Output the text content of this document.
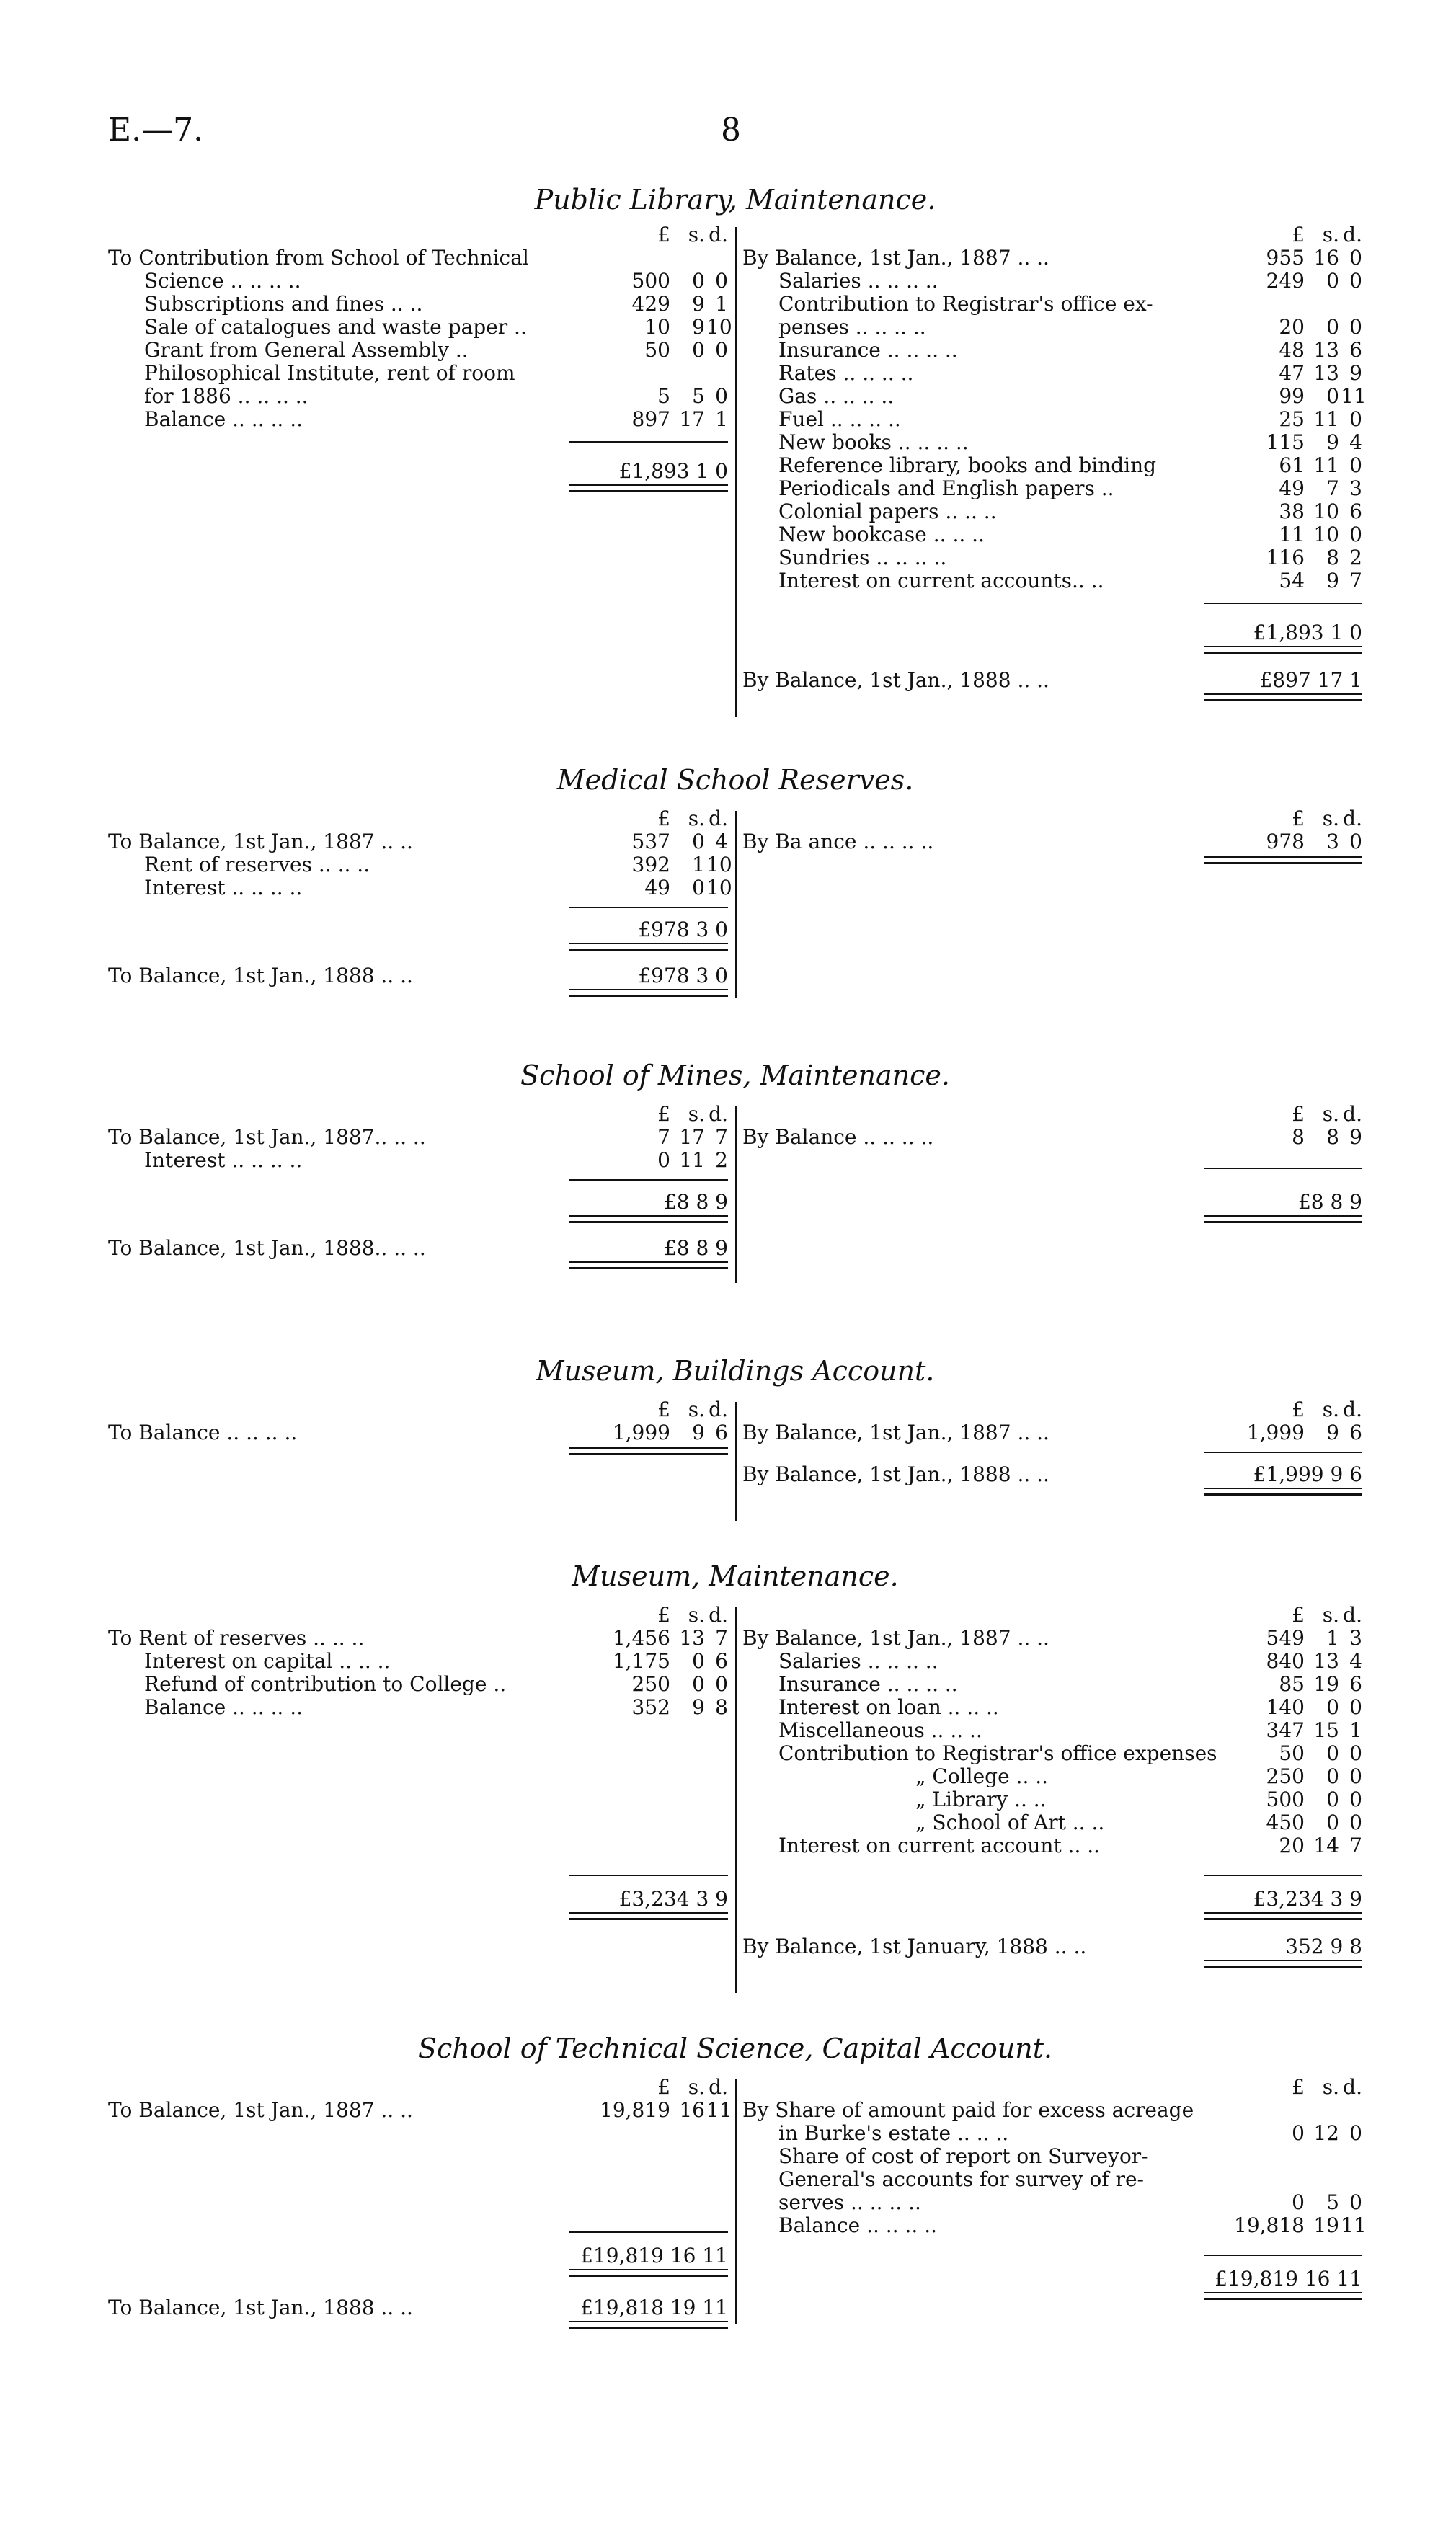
E.—7.	8
Public Library, Maintenance.
£ s. d.
To Contribution from School of Technical
Science .. .. .. ..	500	0 0
Subscriptions and fines .. ..	429	9 1
Sale of catalogues and waste paper ..	10	9 10
Grant from General Assembly ..	50	0 0
Philosophical Institute, rent of room
for 1886 .. .. .. ..	5	5 0
Balance .. .. .. ..	897 17 1
£1,893 1 0
£ s. d.
By Balance, 1st Jan., 1887 .. ..	955 16 0
Salaries .. .. .. ..	249	0 0
Contribution to Registrar's office ex-
penses .. .. .. ..	20	0 0
Insurance .. .. .. ..	48 13 6
Rates .. .. .. ..	47 13 9
Gas .. .. .. ..	99	0 11
Fuel .. .. .. ..	25 11 0
New books .. .. .. ..	115	9 4
Reference library, books and binding	61 11 0
Periodicals and English papers ..	49	7 3
Colonial papers .. .. ..	38 10 6
New bookcase .. .. ..	11 10 0
Sundries .. .. .. ..	116	8 2
Interest on current accounts.. ..	54	9 7
£1,893 1 0
By Balance, 1st Jan., 1888 .. ..	£897 17 1
Medical School Reserves.
£ s. d.
To Balance, 1st Jan., 1887 .. ..	537	0 4
Rent of reserves .. .. ..	392	1 10
Interest .. .. .. ..	49	0 10
£978 3 0
To Balance, 1st Jan., 1888 .. ..	£978 3 0
£ s. d.
By Ba ance .. .. .. ..	978	3 0
School of Mines, Maintenance.
£ s. d.
To Balance, 1st Jan., 1887.. .. ..	7 17 7
Interest .. .. .. ..	0 11 2
£8 8 9
To Balance, 1st Jan., 1888.. .. ..	£8 8 9
£ s. d.
By Balance .. .. .. ..	8	8 9
£8 8 9
Museum, Buildings Account.
£ s. d.
To Balance .. .. .. ..	1,999	9 6
£ s. d.
By Balance, 1st Jan., 1887 .. ..	1,999	9 6
By Balance, 1st Jan., 1888 .. ..	£1,999 9 6
Museum, Maintenance.
£ s. d.
To Rent of reserves .. .. ..	1,456 13 7
Interest on capital .. .. ..	1,175	0 6
Refund of contribution to College ..	250	0 0
Balance .. .. .. ..	352	9 8
£3,234 3 9
£ s. d.
By Balance, 1st Jan., 1887 .. ..	549	1 3
Salaries .. .. .. ..	840 13 4
Insurance .. .. .. ..	85 19 6
Interest on loan .. .. ..	140	0 0
Miscellaneous .. .. ..	347 15 1
Contribution to Registrar's office expenses	50	0 0
„ College .. ..	250	0 0
„ Library .. ..	500	0 0
„ School of Art .. ..	450	0 0
Interest on current account .. ..	20 14 7
£3,234 3 9
By Balance, 1st January, 1888 .. ..	352 9 8
School of Technical Science, Capital Account.
£ s. d.
To Balance, 1st Jan., 1887 .. ..	19,819 16 11
£19,819 16 11
To Balance, 1st Jan., 1888 .. ..	£19,818 19 11
£ s. d.
By Share of amount paid for excess acreage
in Burke's estate .. .. ..	0 12 0
Share of cost of report on Surveyor-
General's accounts for survey of re-
serves .. .. .. ..	0	5 0
Balance .. .. .. ..	19,818 19 11
£19,819 16 11
